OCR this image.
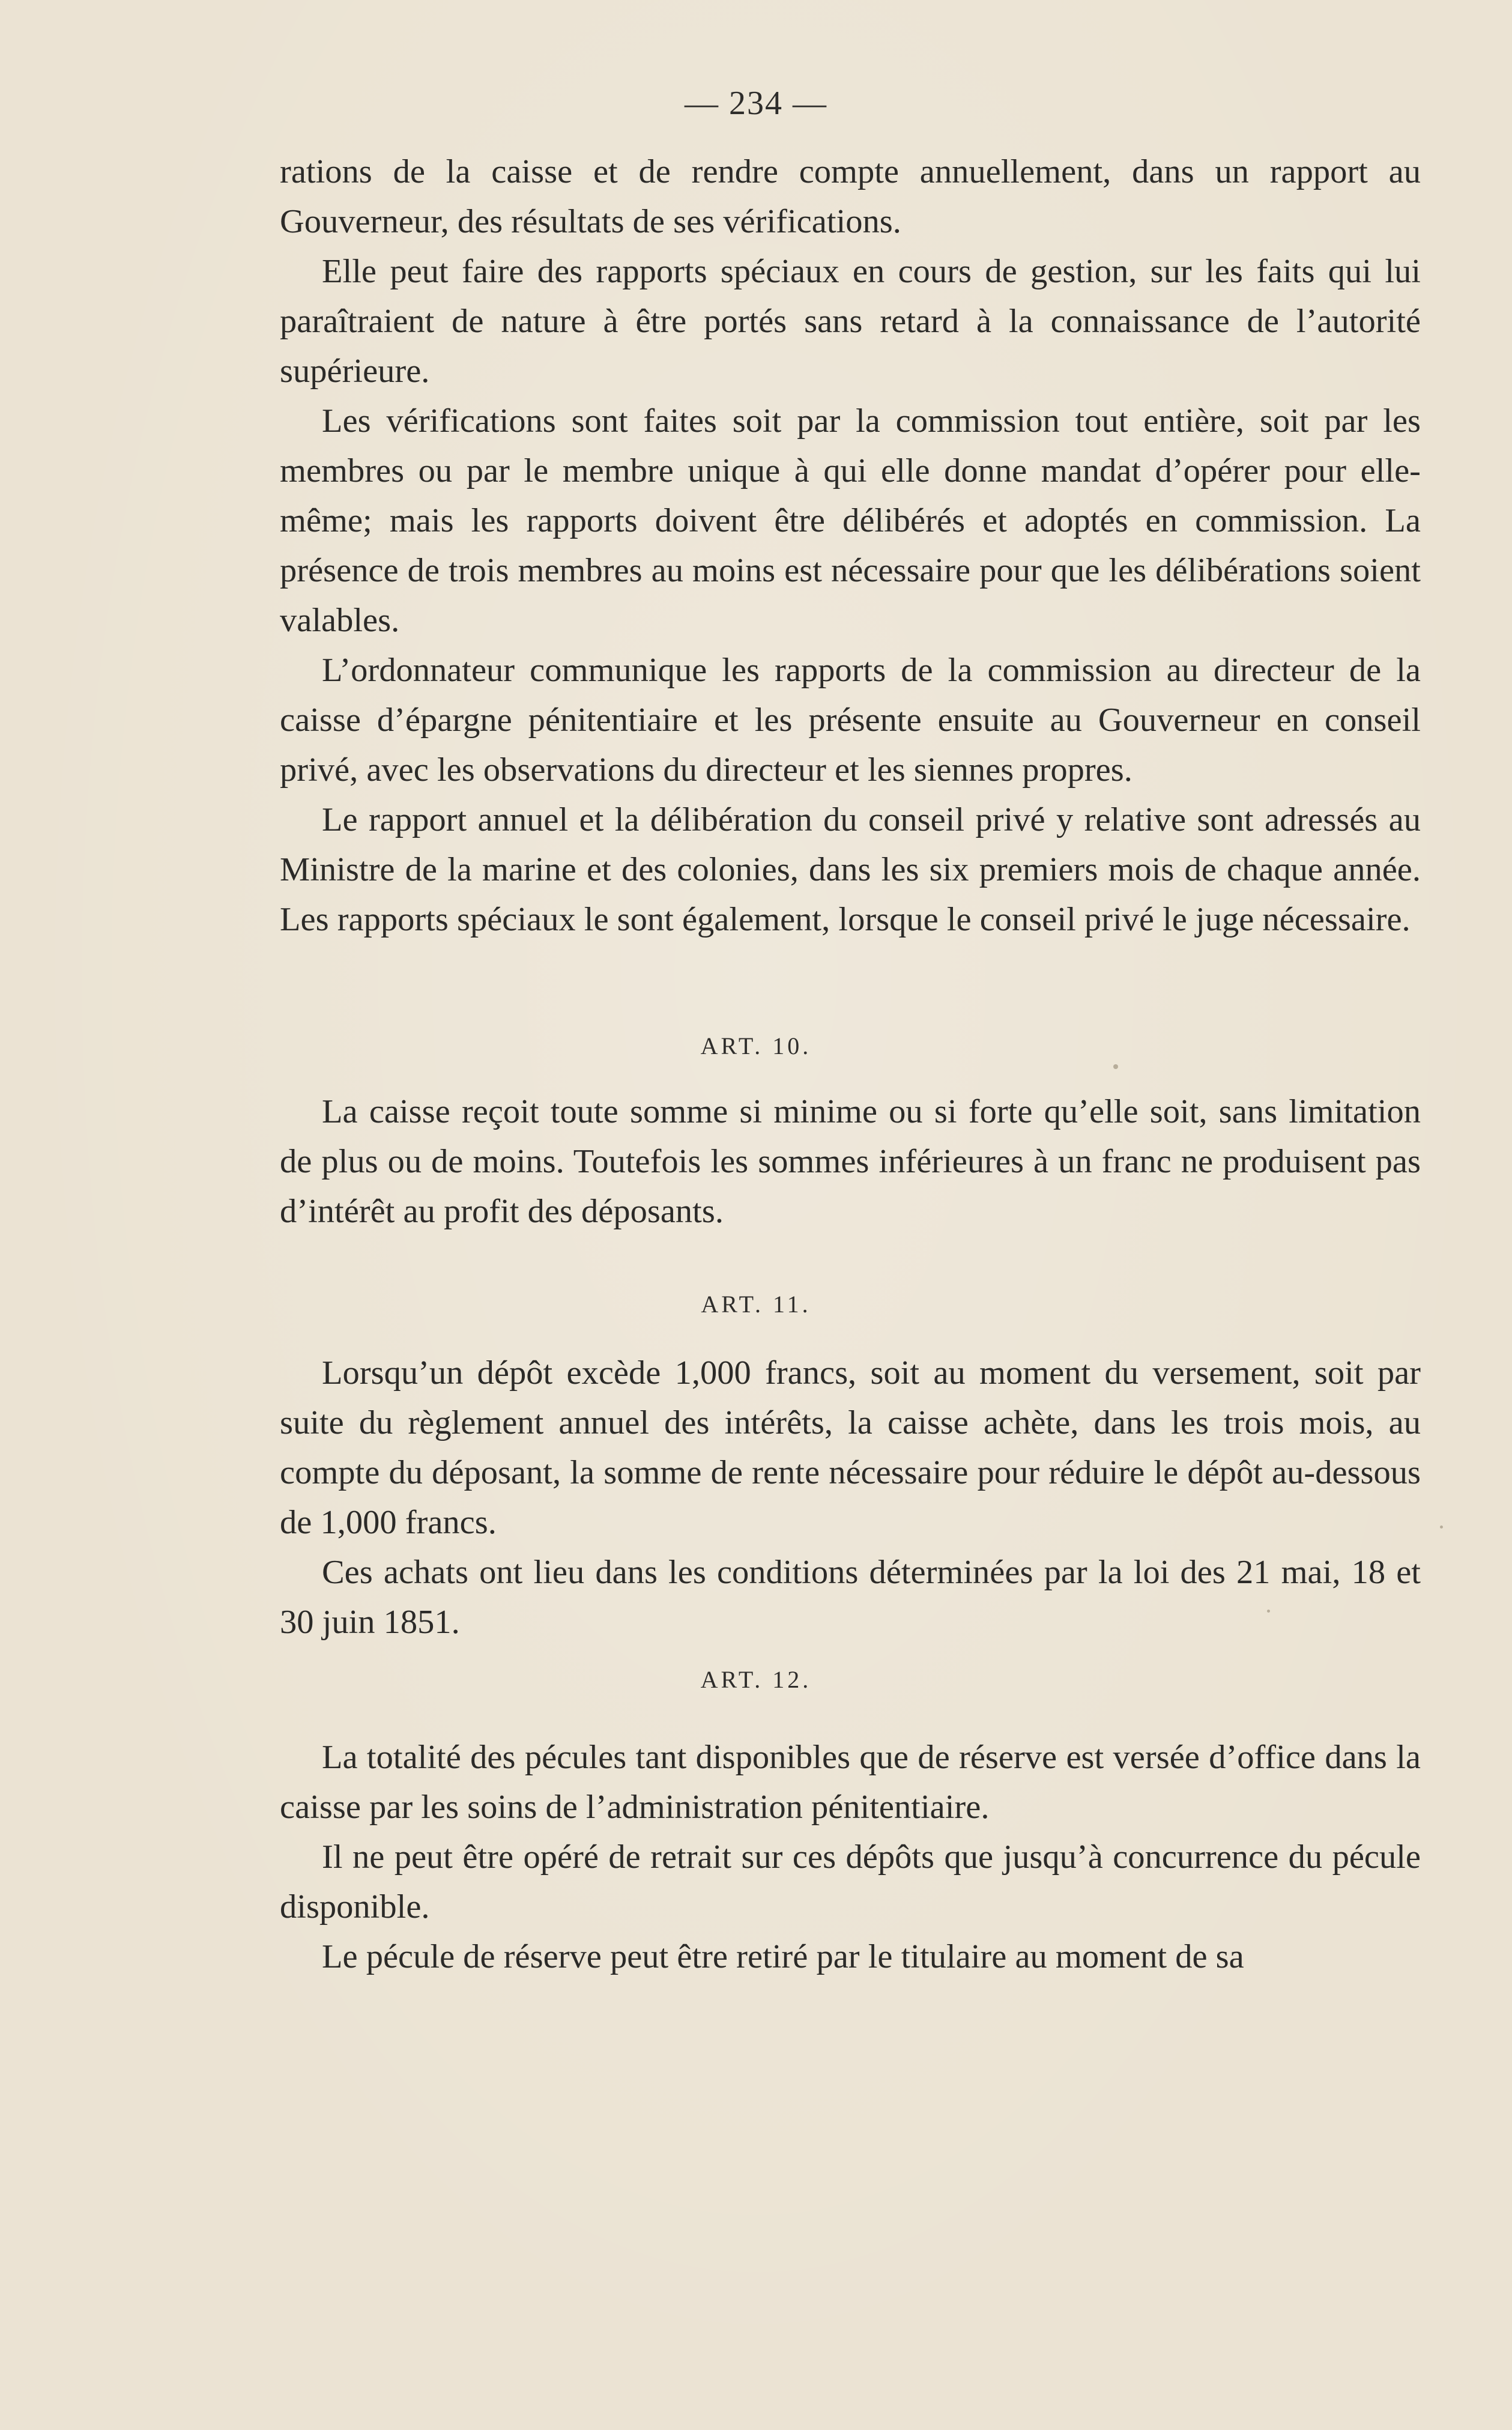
— 234 —

rations de la caisse et de rendre compte annuellement, dans un rapport au Gouverneur, des résultats de ses vérifications.

Elle peut faire des rapports spéciaux en cours de gestion, sur les faits qui lui paraîtraient de nature à être portés sans retard à la connaissance de l’autorité supérieure.

Les vérifications sont faites soit par la commission tout entière, soit par les membres ou par le membre unique à qui elle donne mandat d’opérer pour elle-même; mais les rapports doivent être délibérés et adoptés en commission. La présence de trois membres au moins est nécessaire pour que les délibérations soient valables.

L’ordonnateur communique les rapports de la commission au directeur de la caisse d’épargne pénitentiaire et les présente ensuite au Gouverneur en conseil privé, avec les observations du directeur et les siennes propres.

Le rapport annuel et la délibération du conseil privé y relative sont adressés au Ministre de la marine et des colonies, dans les six premiers mois de chaque année. Les rapports spéciaux le sont également, lorsque le conseil privé le juge nécessaire.

ART. 10.

La caisse reçoit toute somme si minime ou si forte qu’elle soit, sans limitation de plus ou de moins. Toutefois les sommes inférieures à un franc ne produisent pas d’intérêt au profit des déposants.

ART. 11.

Lorsqu’un dépôt excède 1,000 francs, soit au moment du versement, soit par suite du règlement annuel des intérêts, la caisse achète, dans les trois mois, au compte du déposant, la somme de rente nécessaire pour réduire le dépôt au-dessous de 1,000 francs.

Ces achats ont lieu dans les conditions déterminées par la loi des 21 mai, 18 et 30 juin 1851.

ART. 12.

La totalité des pécules tant disponibles que de réserve est versée d’office dans la caisse par les soins de l’administration pénitentiaire.

Il ne peut être opéré de retrait sur ces dépôts que jusqu’à concurrence du pécule disponible.

Le pécule de réserve peut être retiré par le titulaire au moment de sa
